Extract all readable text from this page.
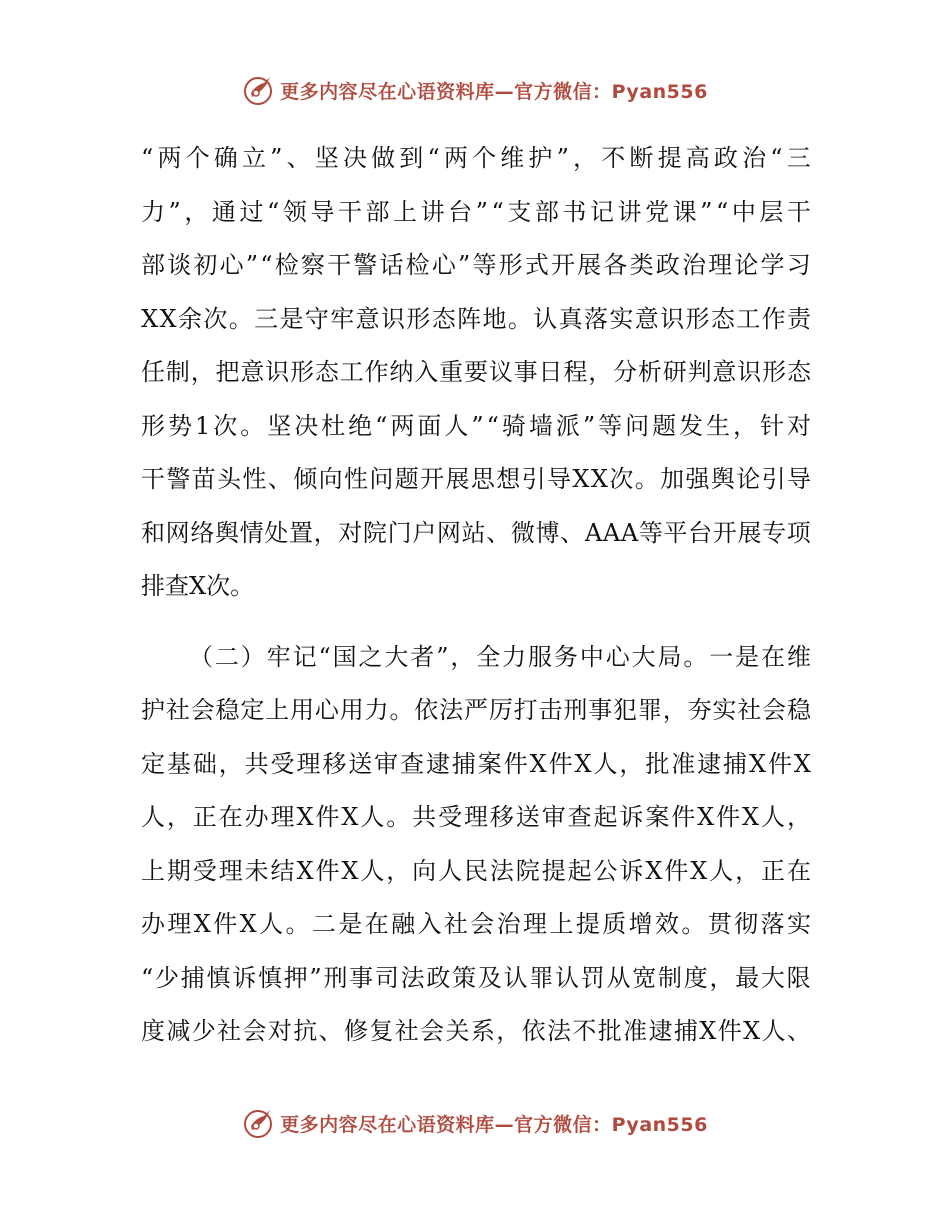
更多内容尽在心语资料库—官方微信：Pyan556
“ 两 个 确 立 ” 、 坚 决 做 到 “ 两 个 维 护 ” ， 不 断 提 高 政 治 “ 三
力 ” ， 通 过 “ 领 导 干 部 上 讲 台 ” “ 支 部 书 记 讲 党 课 ” “ 中 层 干
部 谈 初 心 ” “ 检 察 干 警 话 检 心 ” 等 形 式 开 展 各 类 政 治 理 论 学 习
X X 余 次 。 三 是 守 牢 意 识 形 态 阵 地 。 认 真 落 实 意 识 形 态 工 作 责
任 制 ， 把 意 识 形 态 工 作 纳 入 重 要 议 事 日 程 ， 分 析 研 判 意 识 形 态
形 势 1 次 。 坚 决 杜 绝 “ 两 面 人 ” “ 骑 墙 派 ” 等 问 题 发 生 ， 针 对
干 警 苗 头 性 、 倾 向 性 问 题 开 展 思 想 引 导 X X 次 。 加 强 舆 论 引 导
和 网 络 舆 情 处 置 ， 对 院 门 户 网 站 、 微 博 、 A A A 等 平 台 开 展 专 项
排查X次。
（ 二 ） 牢 记 “ 国 之 大 者 ” ， 全 力 服 务 中 心 大 局 。 一 是 在 维
护 社 会 稳 定 上 用 心 用 力 。 依 法 严 厉 打 击 刑 事 犯 罪 ， 夯 实 社 会 稳
定 基 础 ， 共 受 理 移 送 审 查 逮 捕 案 件 X 件 X 人 ， 批 准 逮 捕 X 件 X
人 ， 正 在 办 理 X 件 X 人 。 共 受 理 移 送 审 查 起 诉 案 件 X 件 X 人 ，
上 期 受 理 未 结 X 件 X 人 ， 向 人 民 法 院 提 起 公 诉 X 件 X 人 ， 正 在
办 理 X 件 X 人 。 二 是 在 融 入 社 会 治 理 上 提 质 增 效 。 贯 彻 落 实
“ 少 捕 慎 诉 慎 押 ” 刑 事 司 法 政 策 及 认 罪 认 罚 从 宽 制 度 ， 最 大 限
度 减 少 社 会 对 抗 、 修 复 社 会 关 系 ， 依 法 不 批 准 逮 捕 X 件 X 人 、
更多内容尽在心语资料库—官方微信：Pyan556
